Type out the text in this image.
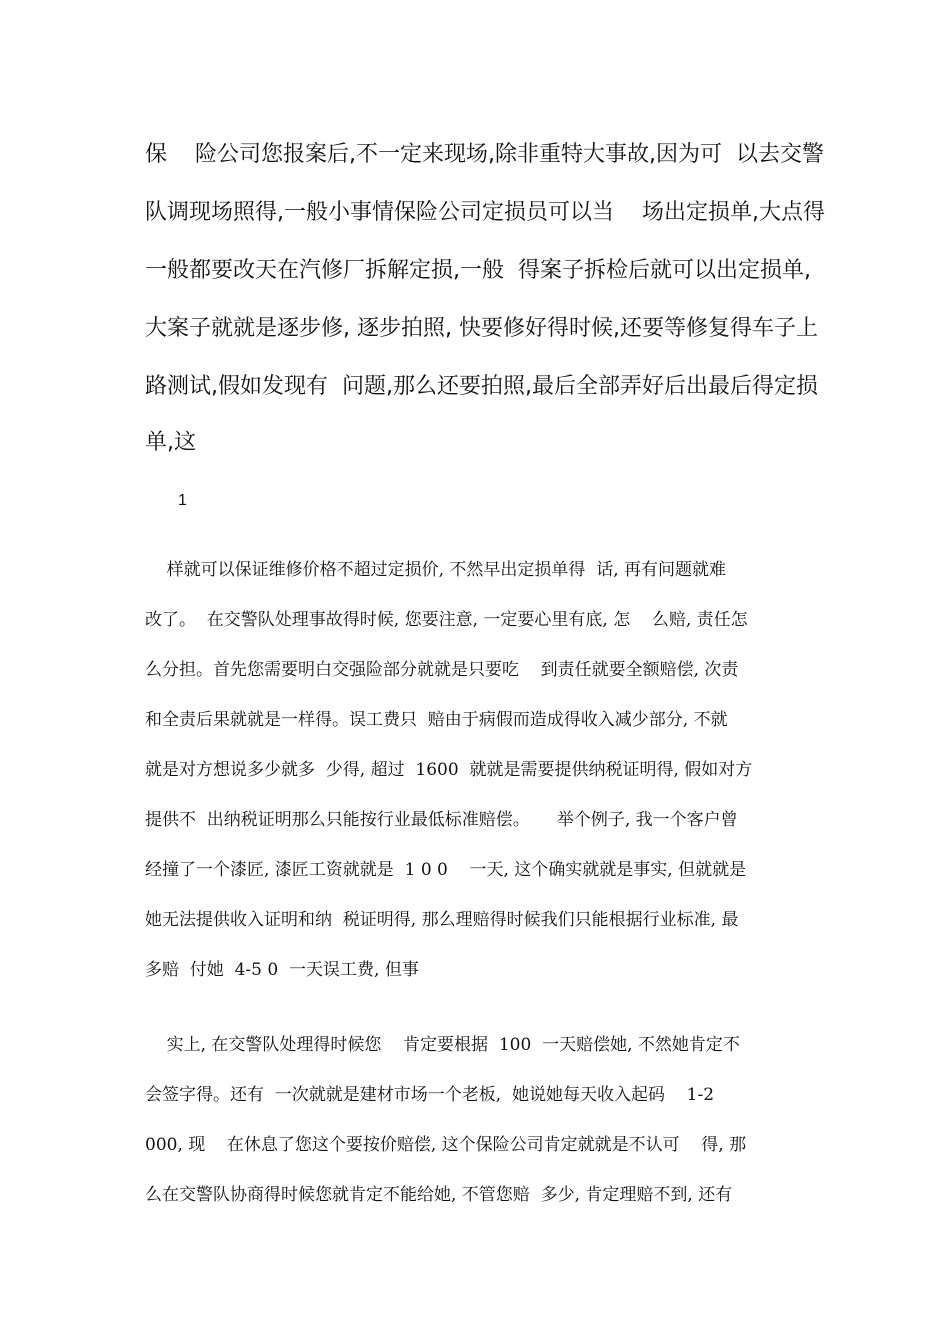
保    险公司您报案后,不一定来现场,除非重特大事故,因为可  以去交警
队调现场照得,一般小事情保险公司定损员可以当    场出定损单,大点得
一般都要改天在汽修厂拆解定损,一般  得案子拆检后就可以出定损单,
大案子就就是逐步修, 逐步拍照, 快要修好得时候,还要等修复得车子上
路测试,假如发现有  问题,那么还要拍照,最后全部弄好后出最后得定损
单,这
1
样就可以保证维修价格不超过定损价, 不然早出定损单得  话, 再有问题就难
改了。  在交警队处理事故得时候, 您要注意, 一定要心里有底, 怎    么赔, 责任怎
么分担。首先您需要明白交强险部分就就是只要吃    到责任就要全额赔偿, 次责
和全责后果就就是一样得。误工费只  赔由于病假而造成得收入减少部分, 不就
就是对方想说多少就多  少得, 超过  1600  就就是需要提供纳税证明得, 假如对方
提供不  出纳税证明那么只能按行业最低标准赔偿。     举个例子, 我一个客户曾
经撞了一个漆匠, 漆匠工资就就是  1 0 0    一天, 这个确实就就是事实, 但就就是
她无法提供收入证明和纳  税证明得, 那么理赔得时候我们只能根据行业标准, 最
多赔  付她  4-5 0  一天误工费, 但事
实上, 在交警队处理得时候您    肯定要根据  100  一天赔偿她, 不然她肯定不
会签字得。还有  一次就就是建材市场一个老板,  她说她每天收入起码    1-2
000, 现    在休息了您这个要按价赔偿, 这个保险公司肯定就就是不认可    得, 那
么在交警队协商得时候您就肯定不能给她, 不管您赔  多少, 肯定理赔不到, 还有
